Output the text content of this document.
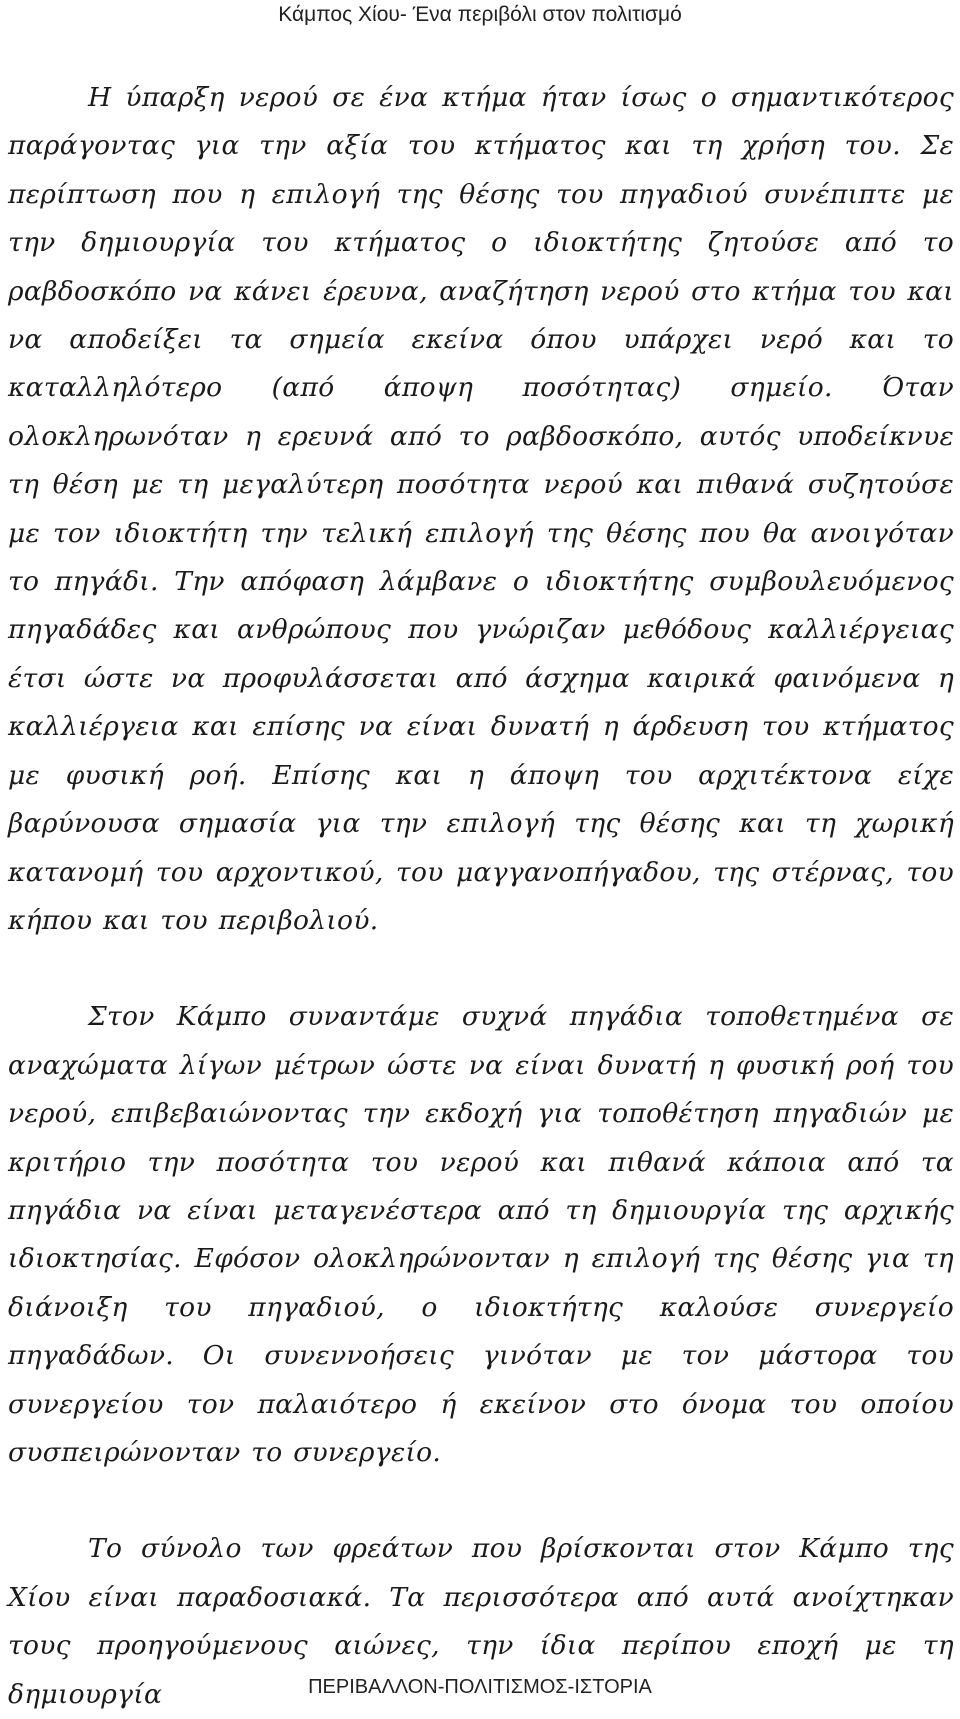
Κάμπος Χίου- Ένα περιβόλι στον πολιτισμό

Η ύπαρξη νερού σε ένα κτήμα ήταν ίσως ο σημαντικότερος παράγοντας για την αξία του κτήματος και τη χρήση του. Σε περίπτωση που η επιλογή της θέσης του πηγαδιού συνέπιπτε με την δημιουργία του κτήματος ο ιδιοκτήτης ζητούσε από το ραβδοσκόπο να κάνει έρευνα, αναζήτηση νερού στο κτήμα του και να αποδείξει τα σημεία εκείνα όπου υπάρχει νερό και το καταλληλότερο (από άποψη ποσότητας) σημείο. Όταν ολοκληρωνόταν η ερευνά από το ραβδοσκόπο, αυτός υποδείκνυε τη θέση με τη μεγαλύτερη ποσότητα νερού και πιθανά συζητούσε με τον ιδιοκτήτη την τελική επιλογή της θέσης που θα ανοιγόταν το πηγάδι. Την απόφαση λάμβανε ο ιδιοκτήτης συμβουλευόμενος πηγαδάδες και ανθρώπους που γνώριζαν μεθόδους καλλιέργειας έτσι ώστε να προφυλάσσεται από άσχημα καιρικά φαινόμενα η καλλιέργεια και επίσης να είναι δυνατή η άρδευση του κτήματος με φυσική ροή. Επίσης και η άποψη του αρχιτέκτονα είχε βαρύνουσα σημασία για την επιλογή της θέσης και τη χωρική κατανομή του αρχοντικού, του μαγγανοπήγαδου, της στέρνας, του κήπου και του περιβολιού.

Στον Κάμπο συναντάμε συχνά πηγάδια τοποθετημένα σε αναχώματα λίγων μέτρων ώστε να είναι δυνατή η φυσική ροή του νερού, επιβεβαιώνοντας την εκδοχή για τοποθέτηση πηγαδιών με κριτήριο την ποσότητα του νερού και πιθανά κάποια από τα πηγάδια να είναι μεταγενέστερα από τη δημιουργία της αρχικής ιδιοκτησίας. Εφόσον ολοκληρώνονταν η επιλογή της θέσης για τη διάνοιξη του πηγαδιού, ο ιδιοκτήτης καλούσε συνεργείο πηγαδάδων. Οι συνεννοήσεις γινόταν με τον μάστορα του συνεργείου τον παλαιότερο ή εκείνον στο όνομα του οποίου συσπειρώνονταν το συνεργείο.

Το σύνολο των φρεάτων που βρίσκονται στον Κάμπο της Χίου είναι παραδοσιακά. Τα περισσότερα από αυτά ανοίχτηκαν τους προηγούμενους αιώνες, την ίδια περίπου εποχή με τη δημιουργία	ΠΕΡΙΒΑΛΛΟΝ-ΠΟΛΙΤΙΣΜΟΣ-ΙΣΤΟΡΙΑ
